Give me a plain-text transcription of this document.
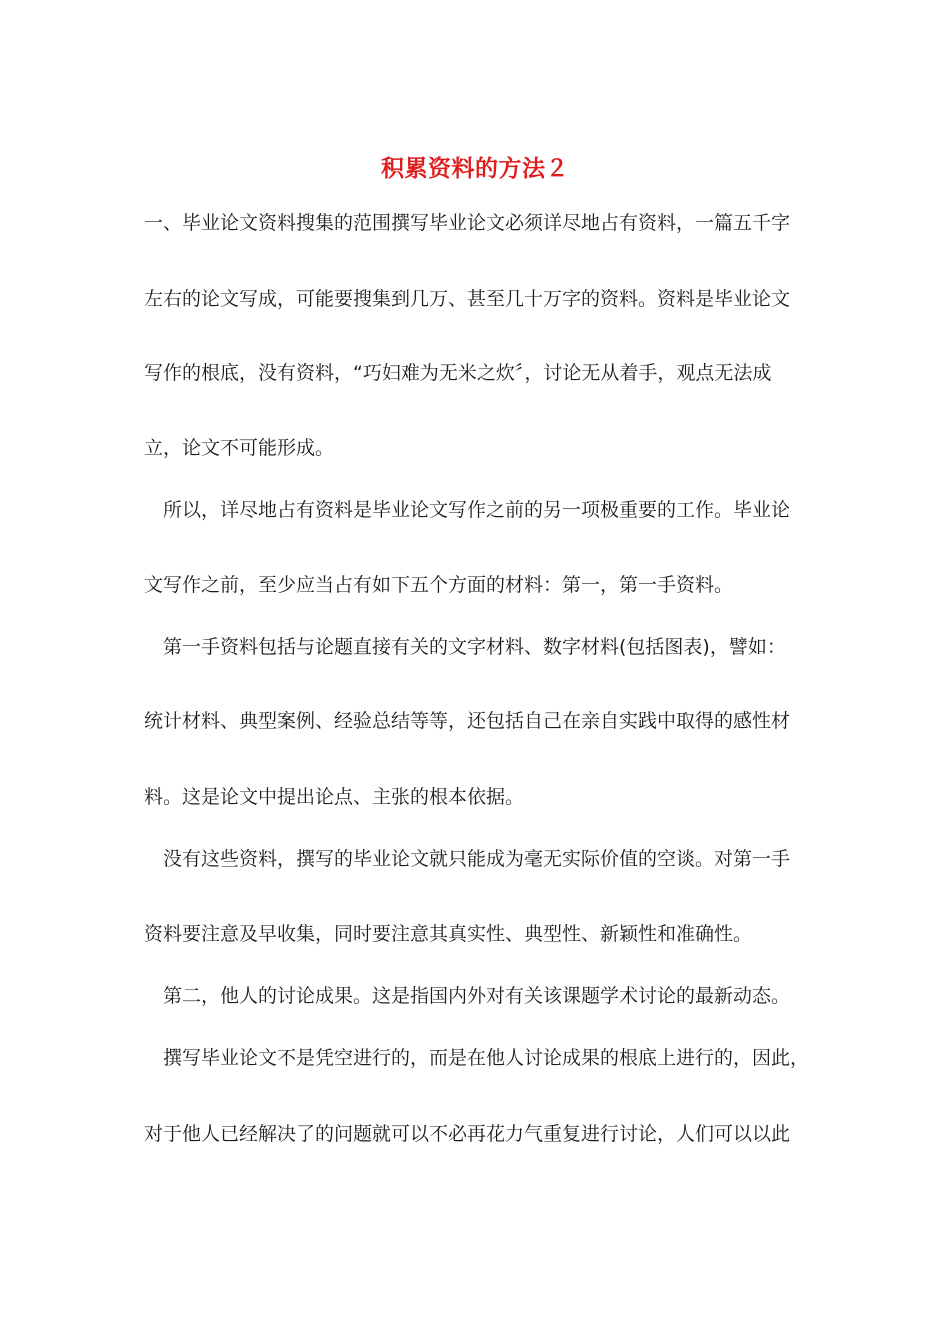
积累资料的方法２
一、毕业论文资料搜集的范围撰写毕业论文必须详尽地占有资料，一篇五千字
左右的论文写成，可能要搜集到几万、甚至几十万字的资料。资料是毕业论文
写作的根底，没有资料，“巧妇难为无米之炊〞，讨论无从着手，观点无法成
立，论文不可能形成。
所以，详尽地占有资料是毕业论文写作之前的另一项极重要的工作。毕业论
文写作之前，至少应当占有如下五个方面的材料：第一，第一手资料。
第一手资料包括与论题直接有关的文字材料、数字材料(包括图表)，譬如：
统计材料、典型案例、经验总结等等，还包括自己在亲自实践中取得的感性材
料。这是论文中提出论点、主张的根本依据。
没有这些资料，撰写的毕业论文就只能成为毫无实际价值的空谈。对第一手
资料要注意及早收集，同时要注意其真实性、典型性、新颖性和准确性。
第二，他人的讨论成果。这是指国内外对有关该课题学术讨论的最新动态。
撰写毕业论文不是凭空进行的，而是在他人讨论成果的根底上进行的，因此，
对于他人已经解决了的问题就可以不必再花力气重复进行讨论，人们可以以此
